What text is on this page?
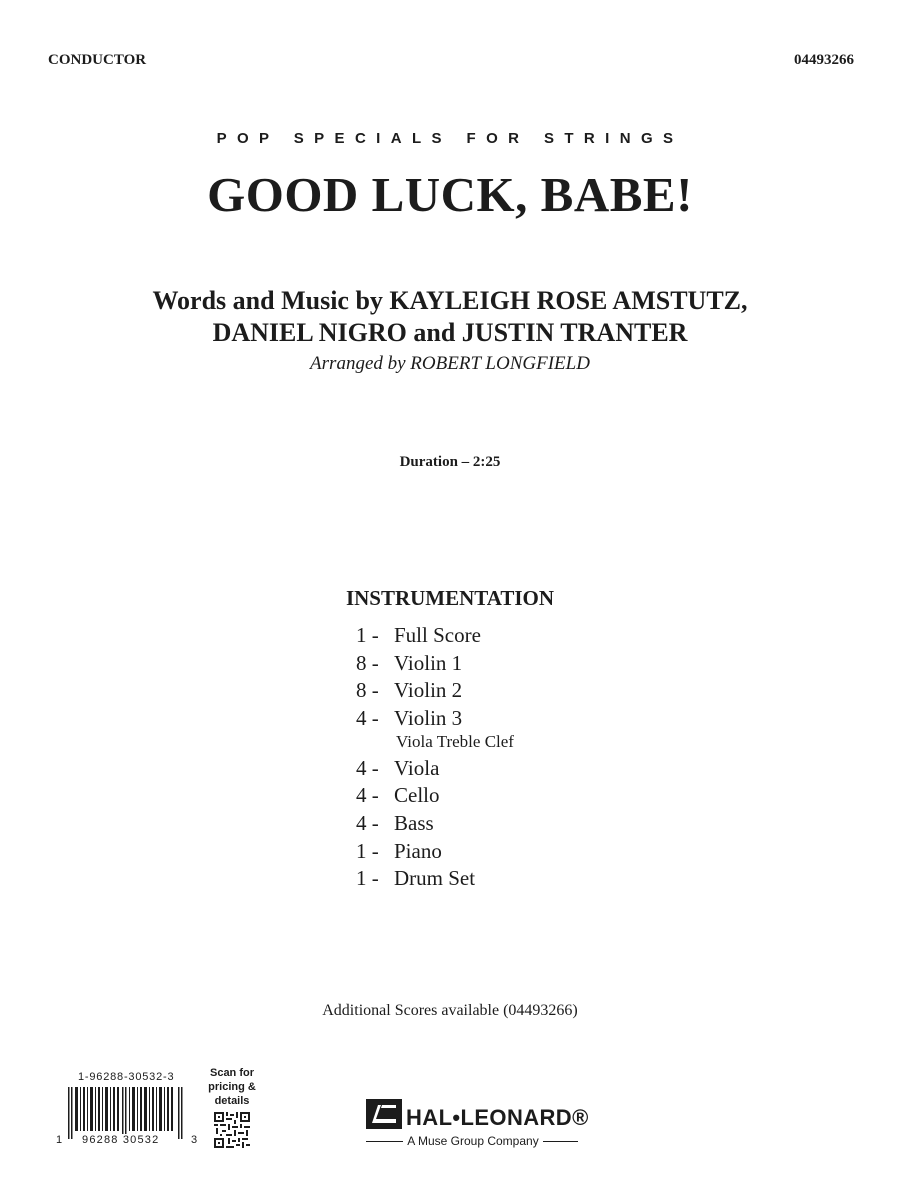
CONDUCTOR	04493266
POP SPECIALS FOR STRINGS
GOOD LUCK, BABE!
Words and Music by KAYLEIGH ROSE AMSTUTZ,
DANIEL NIGRO and JUSTIN TRANTER
Arranged by ROBERT LONGFIELD
Duration – 2:25
INSTRUMENTATION
1 - Full Score
8 - Violin 1
8 - Violin 2
4 - Violin 3
Viola Treble Clef
4 - Viola
4 - Cello
4 - Bass
1 - Piano
1 - Drum Set
Additional Scores available (04493266)
1-96288-30532-3
1 96288 30532	3
Scan for pricing & details
HAL•LEONARD®
A Muse Group Company
